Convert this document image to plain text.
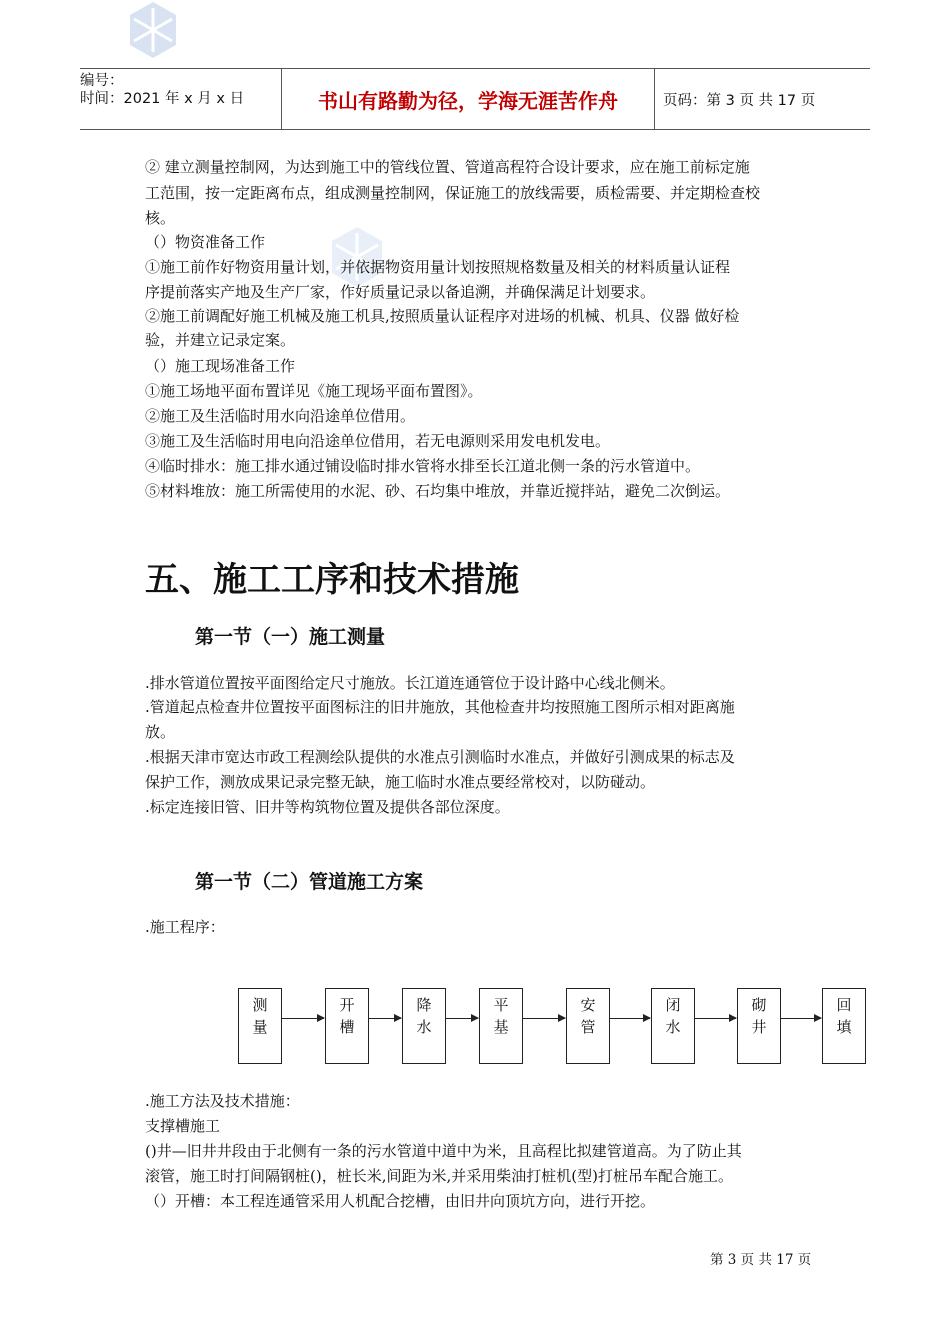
编号：
时间：2021 年 x 月 x 日	书山有路勤为径，学海无涯苦作舟	页码：第 3 页 共 17 页
② 建立测量控制网，为达到施工中的管线位置、管道高程符合设计要求，应在施工前标定施
工范围，按一定距离布点，组成测量控制网，保证施工的放线需要，质检需要、并定期检查校
核。
（）物资准备工作
①施工前作好物资用量计划，并依据物资用量计划按照规格数量及相关的材料质量认证程
序提前落实产地及生产厂家，作好质量记录以备追溯，并确保满足计划要求。
②施工前调配好施工机械及施工机具,按照质量认证程序对进场的机械、机具、仪器 做好检
验，并建立记录定案。
（）施工现场准备工作
①施工场地平面布置详见《施工现场平面布置图》。
②施工及生活临时用水向沿途单位借用。
③施工及生活临时用电向沿途单位借用，若无电源则采用发电机发电。
④临时排水：施工排水通过铺设临时排水管将水排至长江道北侧一条的污水管道中。
⑤材料堆放：施工所需使用的水泥、砂、石均集中堆放，并靠近搅拌站，避免二次倒运。
五、施工工序和技术措施
第一节（一）施工测量
.排水管道位置按平面图给定尺寸施放。长江道连通管位于设计路中心线北侧米。
.管道起点检查井位置按平面图标注的旧井施放，其他检查井均按照施工图所示相对距离施
放。
.根据天津市宽达市政工程测绘队提供的水准点引测临时水准点，并做好引测成果的标志及
保护工作，测放成果记录完整无缺，施工临时水准点要经常校对，以防碰动。
.标定连接旧管、旧井等构筑物位置及提供各部位深度。
第一节（二）管道施工方案
.施工程序：
测
量
开
槽
降
水
平
基
安
管
闭
水
砌
井
回
填
.施工方法及技术措施：
支撑槽施工
()井—旧井井段由于北侧有一条的污水管道中道中为米，且高程比拟建管道高。为了防止其
滚管，施工时打间隔钢桩()，桩长米,间距为米,并采用柴油打桩机(型)打桩吊车配合施工。
（）开槽：本工程连通管采用人机配合挖槽，由旧井向顶坑方向，进行开挖。
第 3 页 共 17 页
